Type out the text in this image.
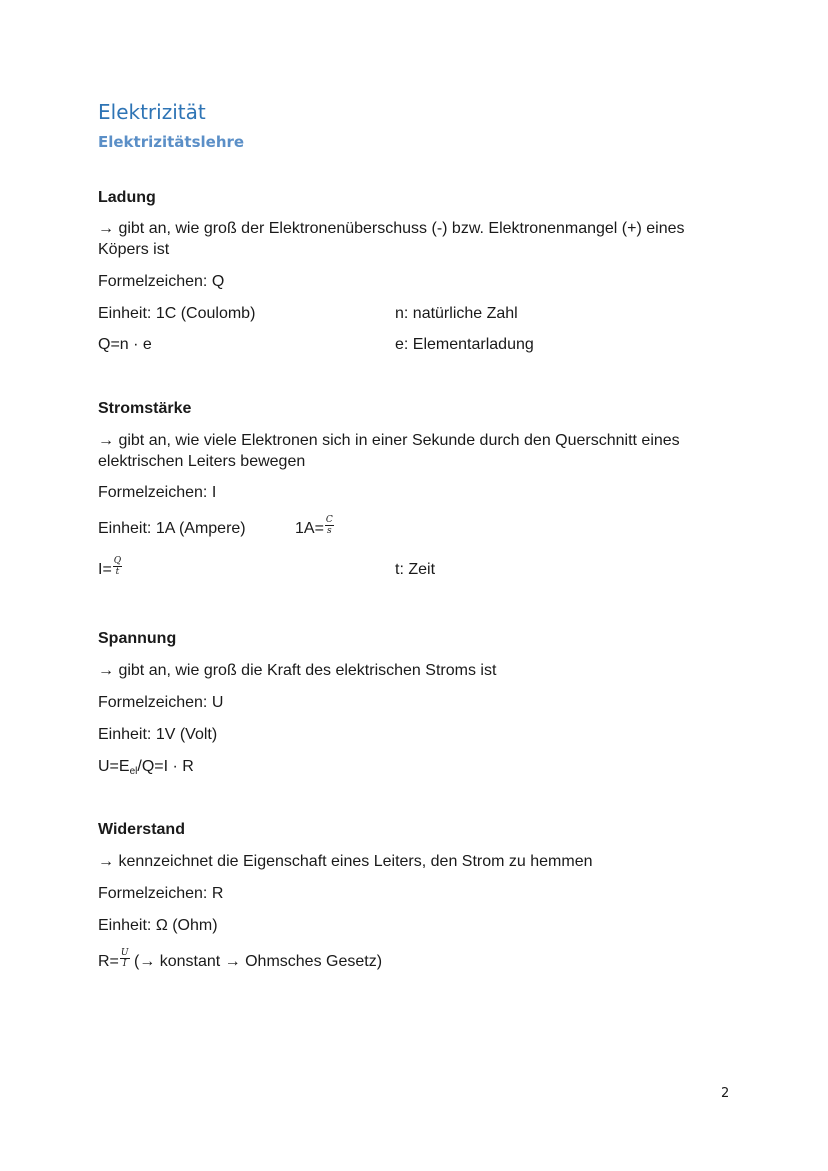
Elektrizität
Elektrizitätslehre
Ladung
→ gibt an, wie groß der Elektronenüberschuss (-) bzw. Elektronenmangel (+) eines
Köpers ist
Formelzeichen: Q
Einheit: 1C (Coulomb)	n: natürliche Zahl
Q=n · e	e: Elementarladung
Stromstärke
→ gibt an, wie viele Elektronen sich in einer Sekunde durch den Querschnitt eines
elektrischen Leiters bewegen
Formelzeichen: I
Einheit: 1A (Ampere)	$1A= \frac{C}{s}$
$I= \frac{Q}{t}$	t: Zeit
Spannung
→ gibt an, wie groß die Kraft des elektrischen Stroms ist
Formelzeichen: U
Einheit: 1V (Volt)
$U=E_{el}/Q=I \cdot R$
Widerstand
→ kennzeichnet die Eigenschaft eines Leiters, den Strom zu hemmen
Formelzeichen: R
Einheit: Ω (Ohm)
$R= \frac{U}{I}$ (→ konstant → Ohmsches Gesetz)
2
